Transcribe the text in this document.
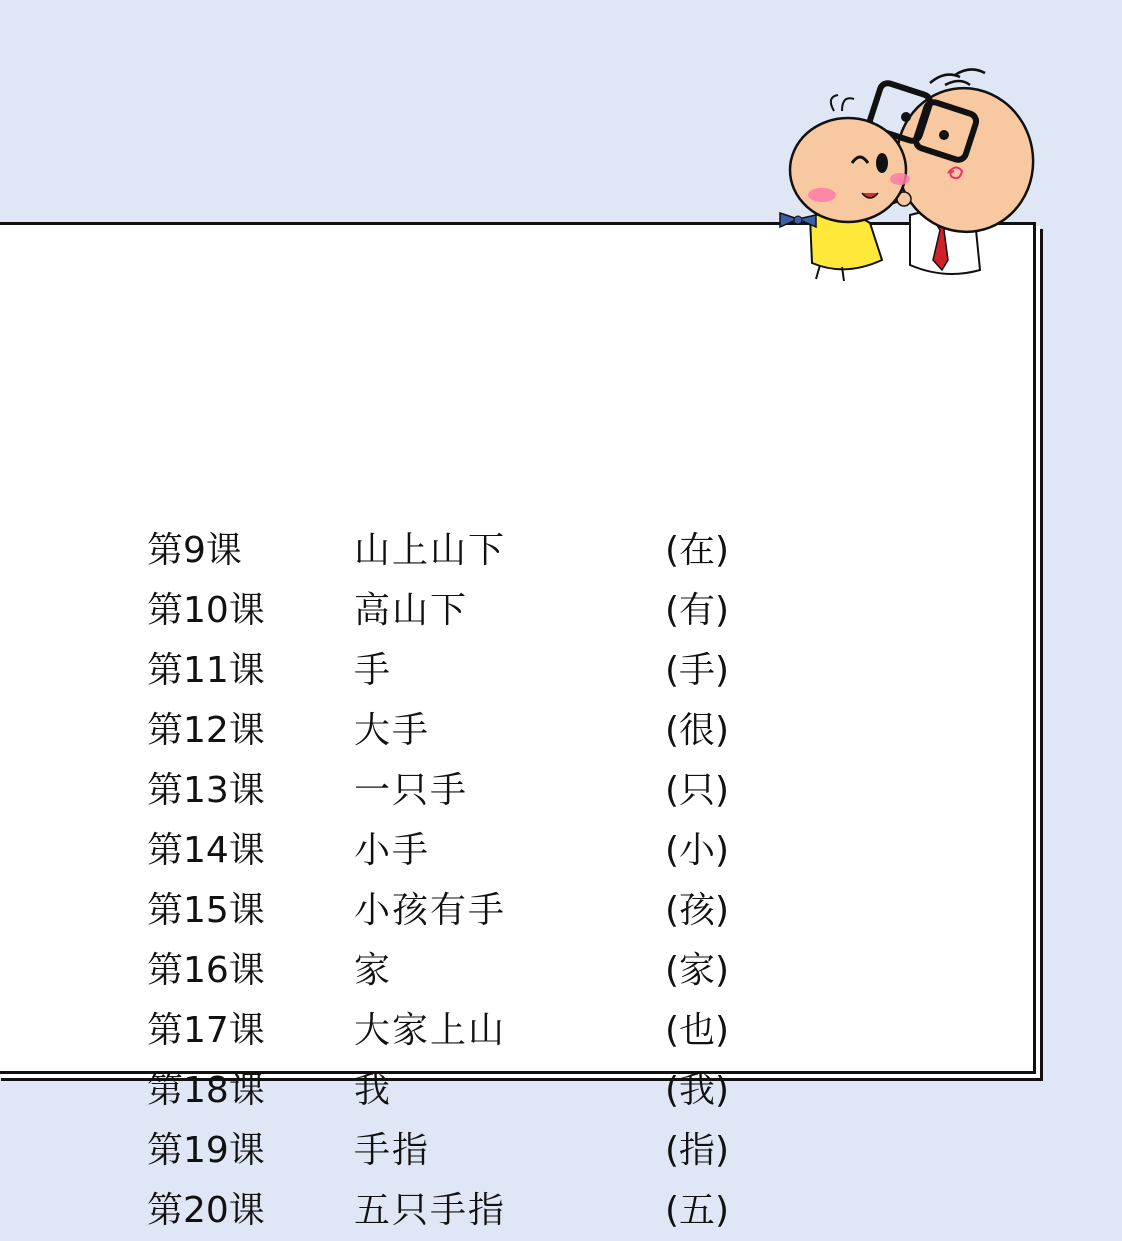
第9课	山上山下	(在)
第10课 高山下	(有)
第11课 手	(手)
第12课 大手	(很)
第13课 一只手	(只)
第14课 小手	(小)
第15课 小孩有手	(孩)
第16课 家	(家)
第17课 大家上山	(也)
第18课 我	(我)
第19课 手指	(指)
第20课 五只手指	(五)
